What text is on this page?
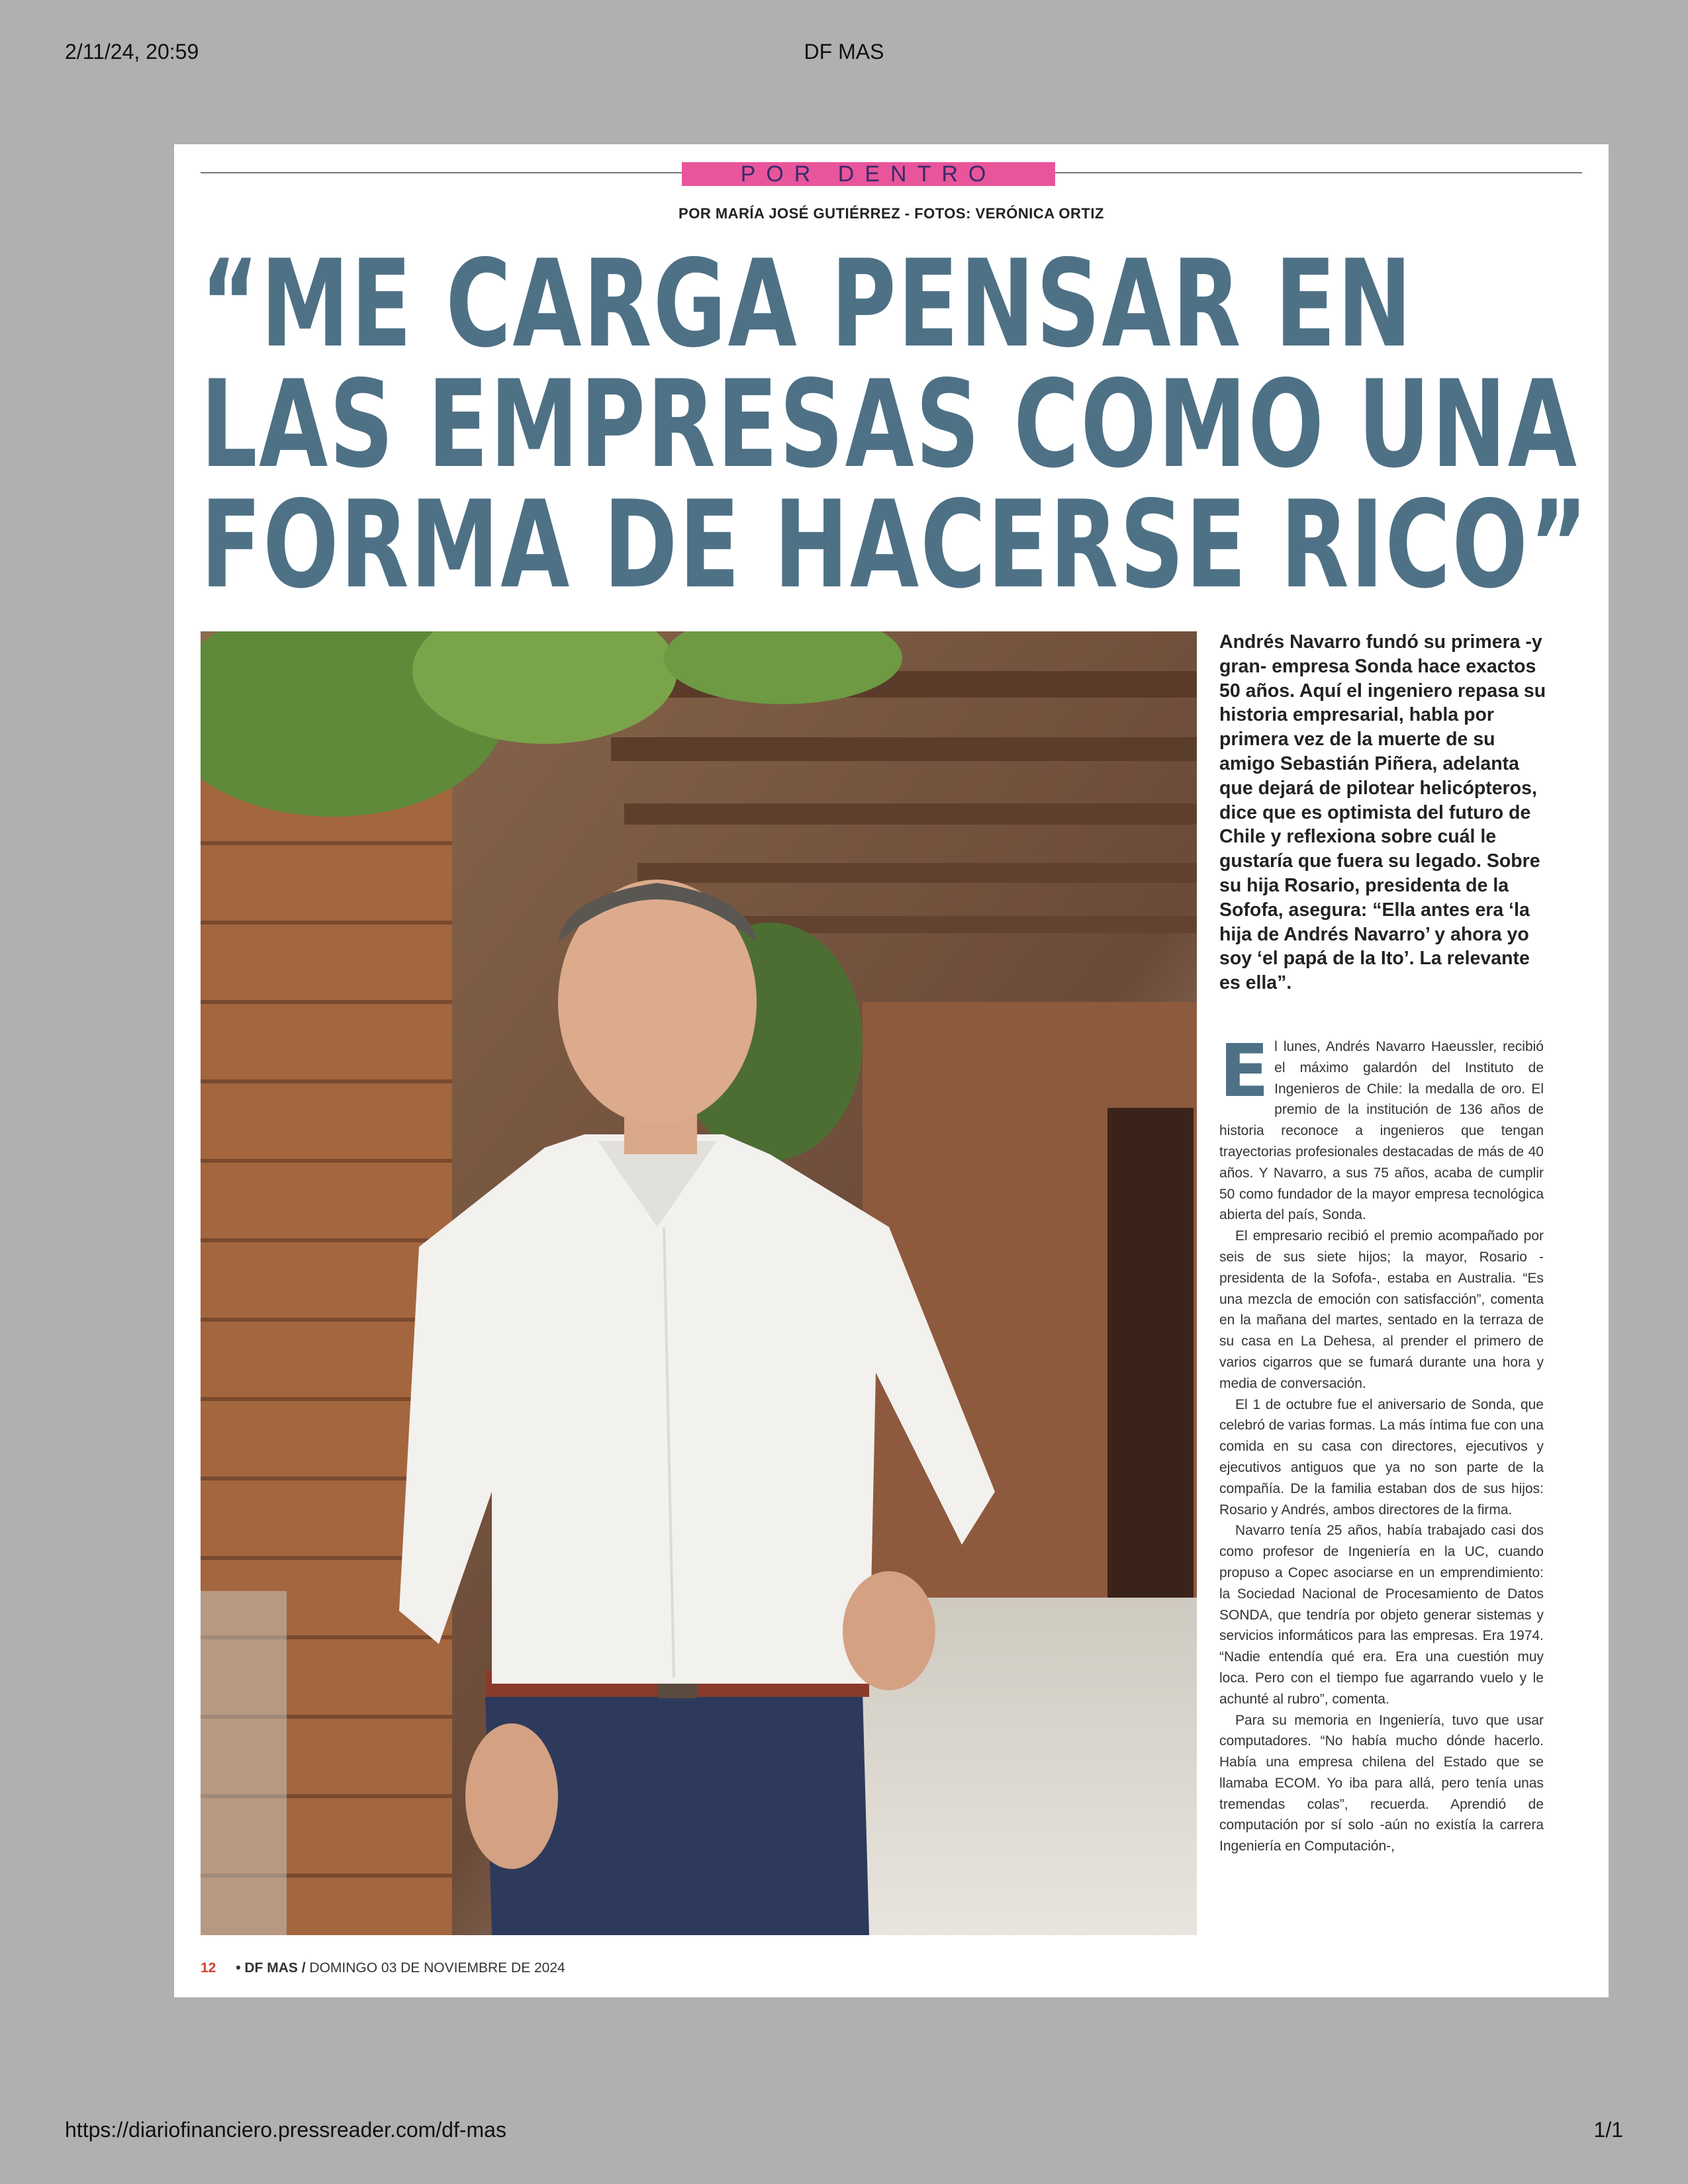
2/11/24, 20:59	DF MAS
POR DENTRO
POR MARÍA JOSÉ GUTIÉRREZ - FOTOS: VERÓNICA ORTIZ
“ME CARGA PENSAR EN
LAS EMPRESAS COMO UNA
FORMA DE HACERSE RICO”
Andrés Navarro fundó su primera -y gran- empresa Sonda hace exactos 50 años. Aquí el ingeniero repasa su historia empresarial, habla por primera vez de la muerte de su amigo Sebastián Piñera, adelanta que dejará de pilotear helicópteros, dice que es optimista del futuro de Chile y reflexiona sobre cuál le gustaría que fuera su legado. Sobre su hija Rosario, presidenta de la Sofofa, asegura: “Ella antes era ‘la hija de Andrés Navarro’ y ahora yo soy ‘el papá de la Ito’. La relevante es ella”.

El lunes, Andrés Navarro Haeussler, recibió el máximo galardón del Instituto de Ingenieros de Chile: la medalla de oro. El premio de la institución de 136 años de historia reconoce a ingenieros que tengan trayectorias profesionales destacadas de más de 40 años. Y Navarro, a sus 75 años, acaba de cumplir 50 como fundador de la mayor empresa tecnológica abierta del país, Sonda.

El empresario recibió el premio acompañado por seis de sus siete hijos; la mayor, Rosario -presidenta de la Sofofa-, estaba en Australia. “Es una mezcla de emoción con satisfacción”, comenta en la mañana del martes, sentado en la terraza de su casa en La Dehesa, al prender el primero de varios cigarros que se fumará durante una hora y media de conversación.

El 1 de octubre fue el aniversario de Sonda, que celebró de varias formas. La más íntima fue con una comida en su casa con directores, ejecutivos y ejecutivos antiguos que ya no son parte de la compañía. De la familia estaban dos de sus hijos: Rosario y Andrés, ambos directores de la firma.

Navarro tenía 25 años, había trabajado casi dos como profesor de Ingeniería en la UC, cuando propuso a Copec asociarse en un emprendimiento: la Sociedad Nacional de Procesamiento de Datos SONDA, que tendría por objeto generar sistemas y servicios informáticos para las empresas. Era 1974. “Nadie entendía qué era. Era una cuestión muy loca. Pero con el tiempo fue agarrando vuelo y le achunté al rubro”, comenta.

Para su memoria en Ingeniería, tuvo que usar computadores. “No había mucho dónde hacerlo. Había una empresa chilena del Estado que se llamaba ECOM. Yo iba para allá, pero tenía unas tremendas colas”, recuerda. Aprendió de computación por sí solo -aún no existía la carrera Ingeniería en Computación-,

12 • DF MAS / DOMINGO 03 DE NOVIEMBRE DE 2024
https://diariofinanciero.pressreader.com/df-mas	1/1
